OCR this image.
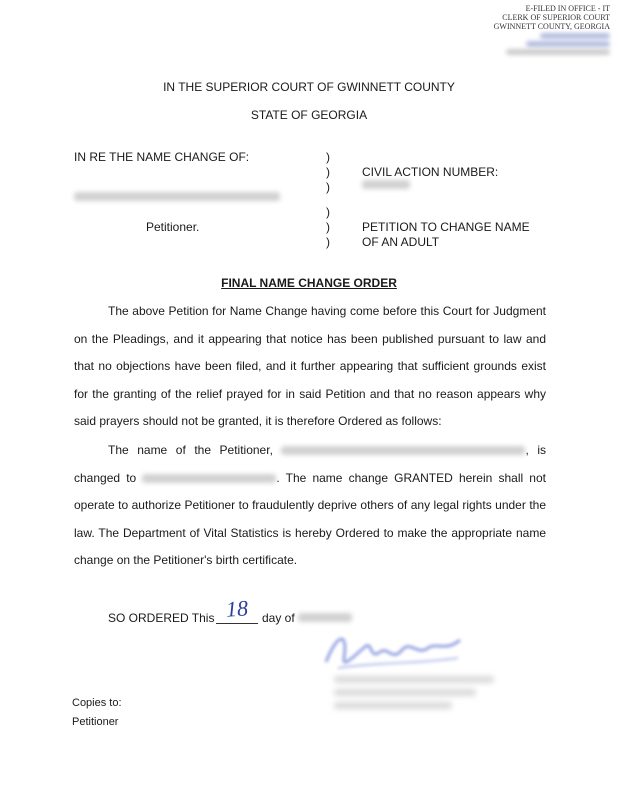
E-FILED IN OFFICE - IT
CLERK OF SUPERIOR COURT
GWINNETT COUNTY, GEORGIA
IN THE SUPERIOR COURT OF GWINNETT COUNTY
STATE OF GEORGIA
IN RE THE NAME CHANGE OF:
Petitioner.
)
)
)
)
)
)
CIVIL ACTION NUMBER:
PETITION TO CHANGE NAME
OF AN ADULT
FINAL NAME CHANGE ORDER

The above Petition for Name Change having come before this Court for Judgment on the Pleadings, and it appearing that notice has been published pursuant to law and that no objections have been filed, and it further appearing that sufficient grounds exist for the granting of the relief prayed for in said Petition and that no reason appears why said prayers should not be granted, it is therefore Ordered as follows:

The name of the Petitioner,	, is changed to	. The name change GRANTED herein shall not operate to authorize Petitioner to fraudulently deprive others of any legal rights under the law. The Department of Vital Statistics is hereby Ordered to make the appropriate name change on the Petitioner's birth certificate.

SO ORDERED This 18 day of
Copies to:
Petitioner
